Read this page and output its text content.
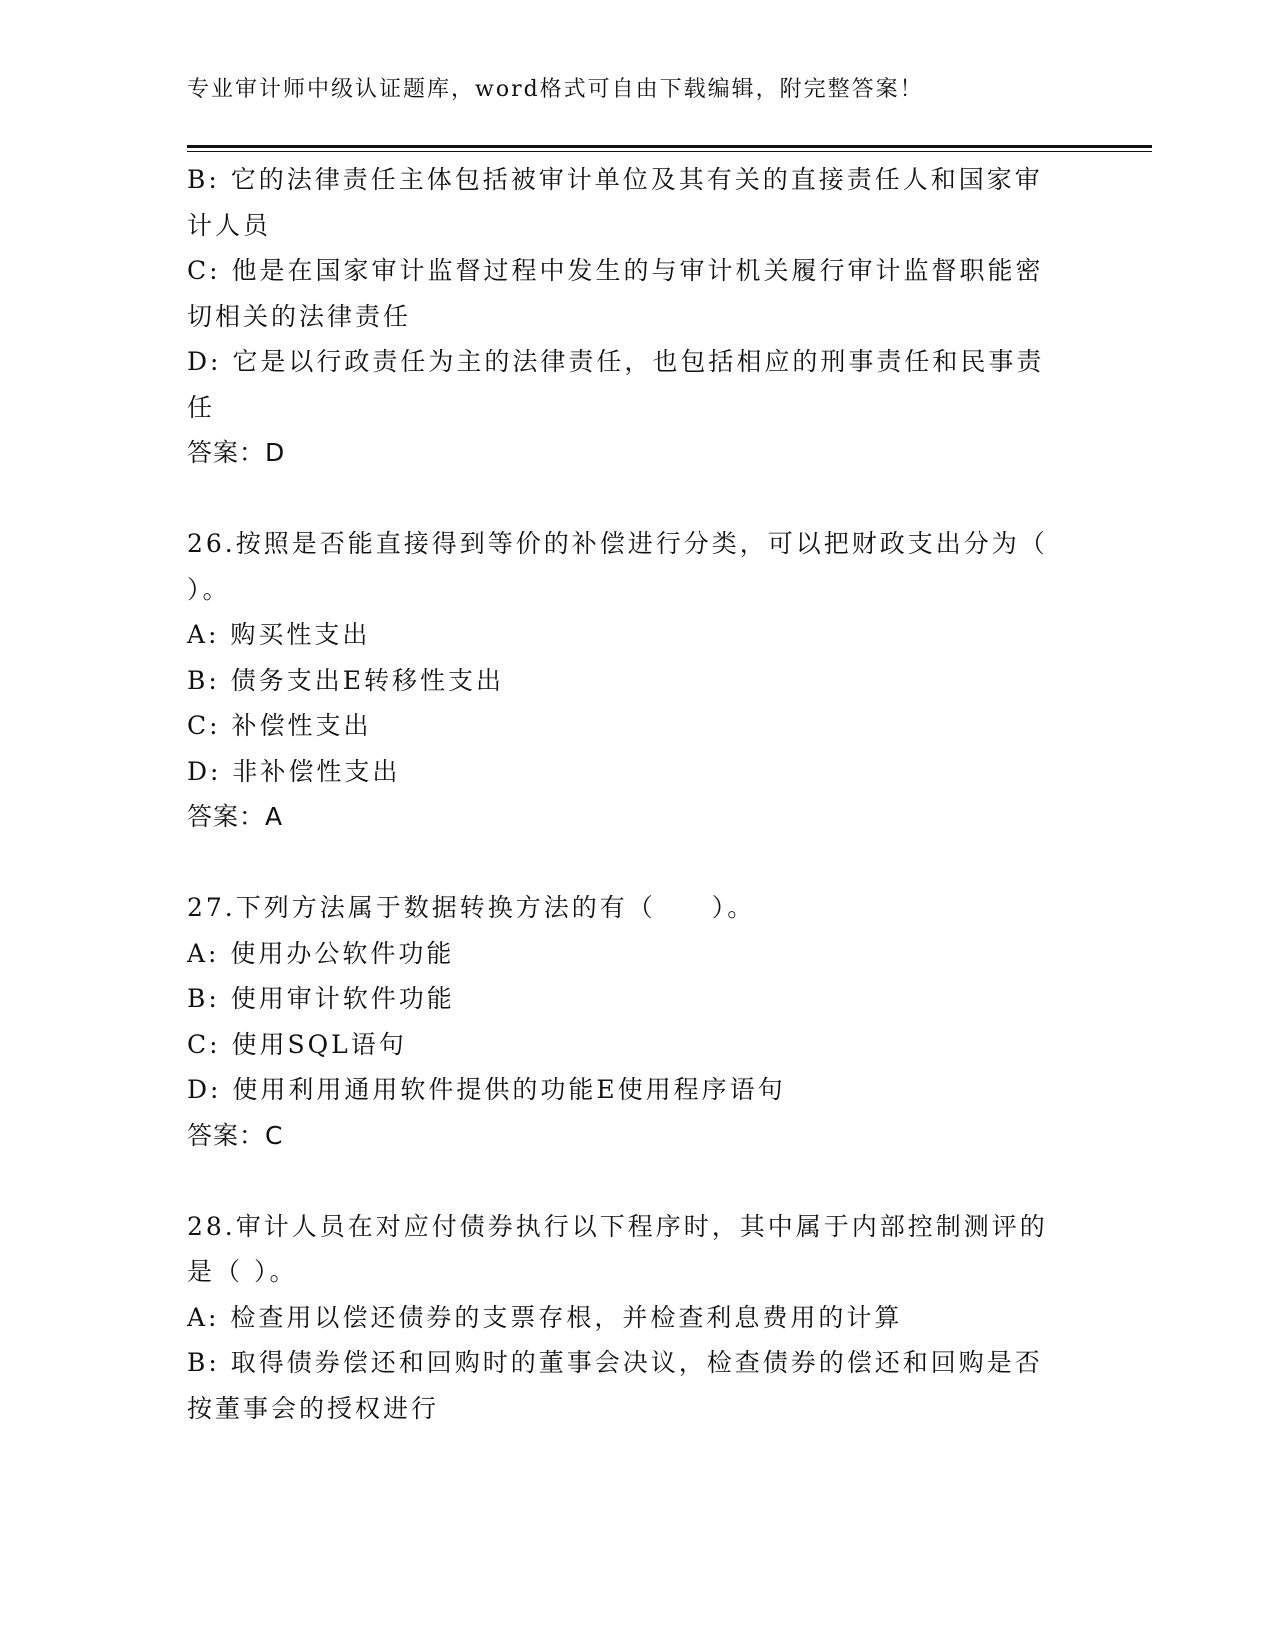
专业审计师中级认证题库，word格式可自由下载编辑，附完整答案！
B: 它的法律责任主体包括被审计单位及其有关的直接责任人和国家审
计人员
C: 他是在国家审计监督过程中发生的与审计机关履行审计监督职能密
切相关的法律责任
D: 它是以行政责任为主的法律责任，也包括相应的刑事责任和民事责
任
答案：D
26.按照是否能直接得到等价的补偿进行分类，可以把财政支出分为（
）。
A: 购买性支出
B: 债务支出E转移性支出
C: 补偿性支出
D: 非补偿性支出
答案：A
27.下列方法属于数据转换方法的有（　　）。
A: 使用办公软件功能
B: 使用审计软件功能
C: 使用SQL语句
D: 使用利用通用软件提供的功能E使用程序语句
答案：C
28.审计人员在对应付债券执行以下程序时，其中属于内部控制测评的
是（ ）。
A: 检查用以偿还债券的支票存根，并检查利息费用的计算
B: 取得债券偿还和回购时的董事会决议，检查债券的偿还和回购是否
按董事会的授权进行
